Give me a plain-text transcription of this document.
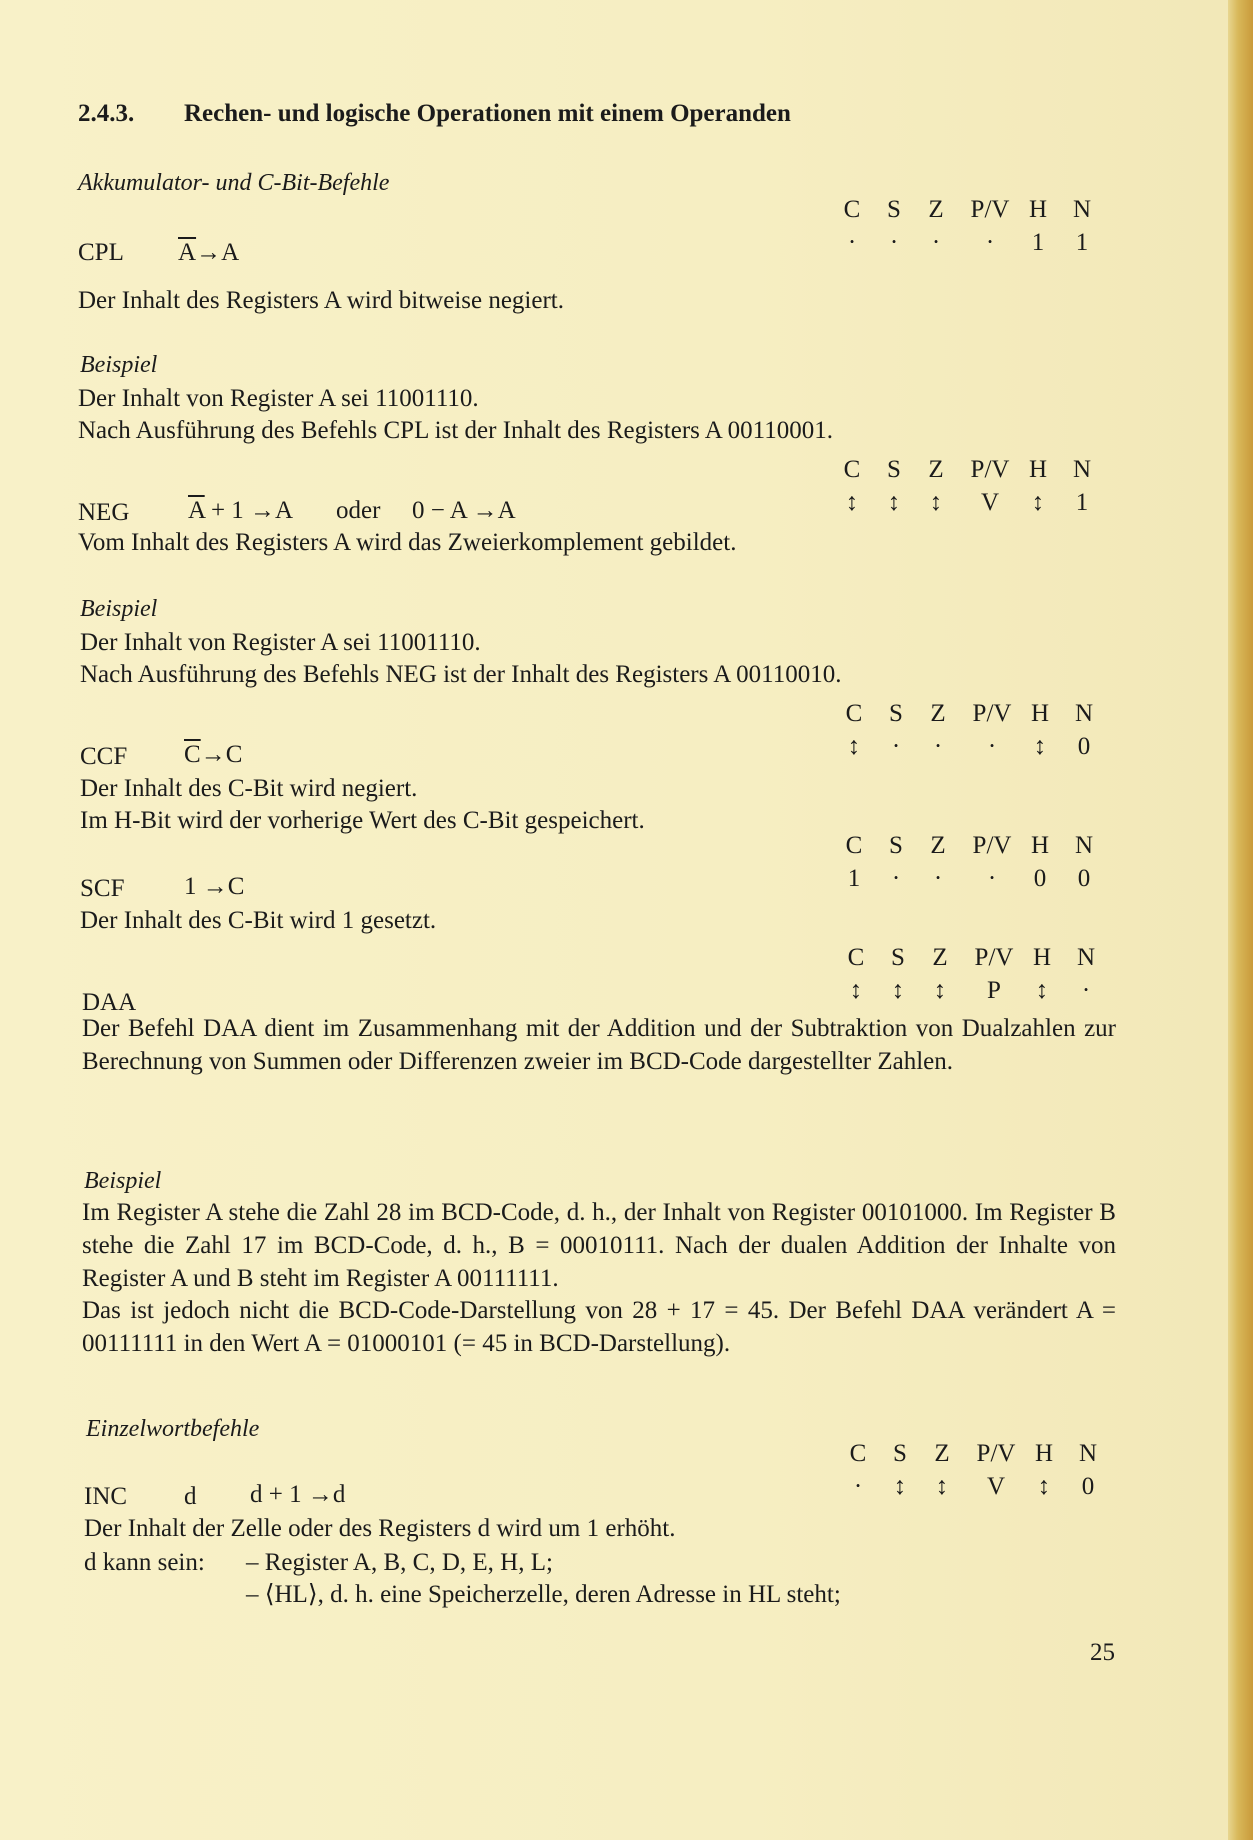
2.4.3. Rechen- und logische Operationen mit einem Operanden
Akkumulator- und C-Bit-Befehle
C	S	Z	P/V H	N
·	·	·	·	1	1
CPL $\overline{A}\to A$
Der Inhalt des Registers A wird bitweise negiert.
Beispiel
Der Inhalt von Register A sei 11001110.
Nach Ausführung des Befehls CPL ist der Inhalt des Registers A 00110001.
C	S	Z	P/V H	N
↕	↕	↕	V	↕	1
NEG $\overline{A} + 1 \to A$ oder 0 − A →A
Vom Inhalt des Registers A wird das Zweierkomplement gebildet.
Beispiel
Der Inhalt von Register A sei 11001110.
Nach Ausführung des Befehls NEG ist der Inhalt des Registers A 00110010.
C	S	Z	P/V H	N
↕	·	·	·	↕	0
CCF $\overline{C}\to C$
Der Inhalt des C-Bit wird negiert.
Im H-Bit wird der vorherige Wert des C-Bit gespeichert.
C	S	Z	P/V H	N
1	·	·	·	0	0
SCF 1 →C
Der Inhalt des C-Bit wird 1 gesetzt.
C	S	Z	P/V H	N
↕	↕	↕	P	↕	·
DAA
Der Befehl DAA dient im Zusammenhang mit der Addition und der Subtraktion von Dualzahlen zur Berechnung von Summen oder Differenzen zweier im BCD-Code dargestellter Zahlen.
Beispiel
Im Register A stehe die Zahl 28 im BCD-Code, d. h., der Inhalt von Register 00101000. Im Register B stehe die Zahl 17 im BCD-Code, d. h., B = 00010111. Nach der dualen Addition der Inhalte von Register A und B steht im Register A 00111111.
Das ist jedoch nicht die BCD-Code-Darstellung von 28 + 17 = 45. Der Befehl DAA verändert A = 00111111 in den Wert A = 01000101 (= 45 in BCD-Darstellung).
Einzelwortbefehle
C	S	Z	P/V H	N
·	↕	↕	V	↕	0
INC d d + 1 →d
Der Inhalt der Zelle oder des Registers d wird um 1 erhöht.
d kann sein: – Register A, B, C, D, E, H, L;
– ⟨HL⟩, d. h. eine Speicherzelle, deren Adresse in HL steht;
25
